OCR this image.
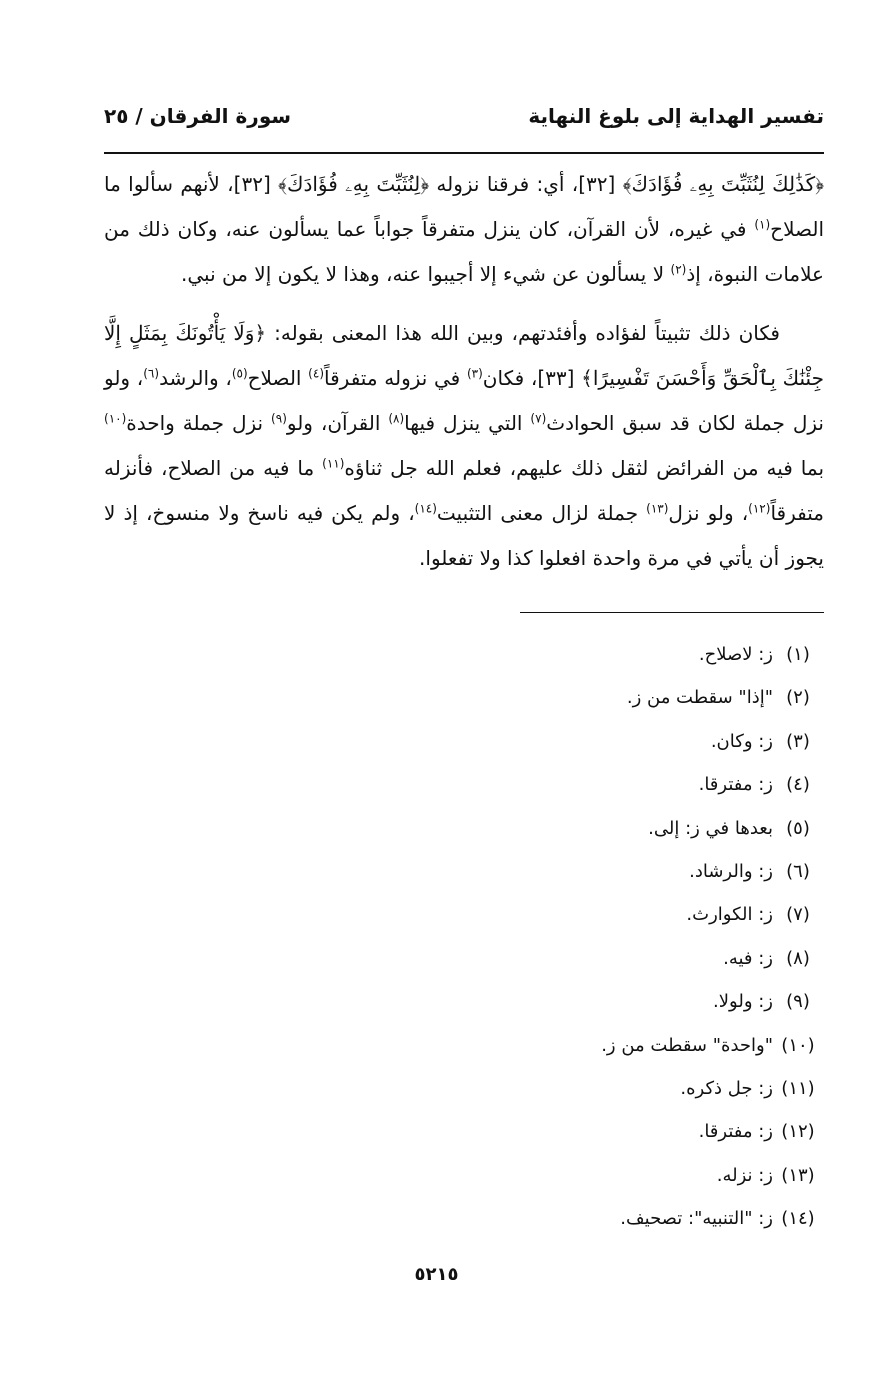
تفسير الهداية إلى بلوغ النهاية
سورة الفرقان / ٢٥

﴿كَذَٰلِكَ لِنُثَبِّتَ بِهِۦ فُؤَادَكَ﴾ [٣٢]، أي: فرقنا نزوله ﴿لِنُثَبِّتَ بِهِۦ فُؤَادَكَ﴾ [٣٢]، لأنهم سألوا ما الصلاح$^{(١)}$ في غيره، لأن القرآن، كان ينزل متفرقاً جواباً عما يسألون عنه، وكان ذلك من علامات النبوة، إذ$^{(٢)}$ لا يسألون عن شيء إلا أجيبوا عنه، وهذا لا يكون إلا من نبي.

فكان ذلك تثبيتاً لفؤاده وأفئدتهم، وبين الله هذا المعنى بقوله: ﴿وَلَا يَأْتُونَكَ بِمَثَلٍ إِلَّا جِئْنَٰكَ بِٱلْحَقِّ وَأَحْسَنَ تَفْسِيرًا﴾ [٣٣]، فكان$^{(٣)}$ في نزوله متفرقاً$^{(٤)}$ الصلاح$^{(٥)}$، والرشد$^{(٦)}$، ولو نزل جملة لكان قد سبق الحوادث$^{(٧)}$ التي ينزل فيها$^{(٨)}$ القرآن، ولو$^{(٩)}$ نزل جملة واحدة$^{(١٠)}$ بما فيه من الفرائض لثقل ذلك عليهم، فعلم الله جل ثناؤه$^{(١١)}$ ما فيه من الصلاح، فأنزله متفرقاً$^{(١٢)}$، ولو نزل$^{(١٣)}$ جملة لزال معنى التثبيت$^{(١٤)}$، ولم يكن فيه ناسخ ولا منسوخ، إذ لا يجوز أن يأتي في مرة واحدة افعلوا كذا ولا تفعلوا.

(١)ز: لاصلاح.
(٢)"إذا" سقطت من ز.
(٣)ز: وكان.
(٤)ز: مفترقا.
(٥)بعدها في ز: إلى.
(٦)ز: والرشاد.
(٧)ز: الكوارث.
(٨)ز: فيه.
(٩)ز: ولولا.
(١٠)"واحدة" سقطت من ز.
(١١)ز: جل ذكره.
(١٢)ز: مفترقا.
(١٣)ز: نزله.
(١٤)ز: "التنبيه": تصحيف.
٥٢١٥
